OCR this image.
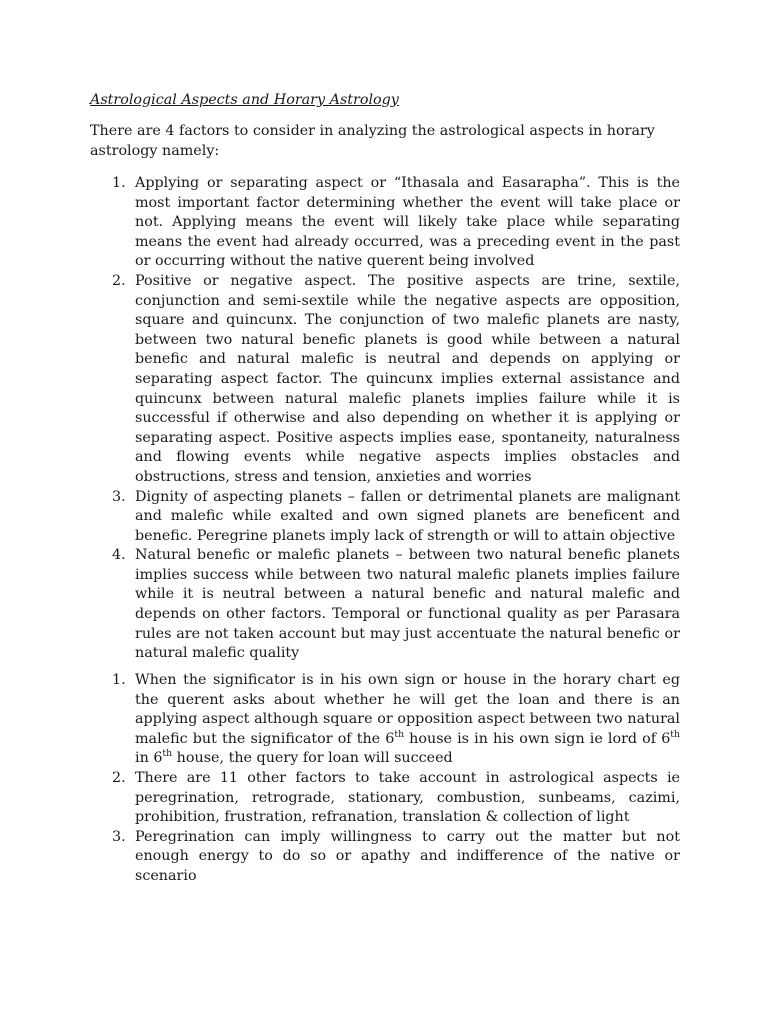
Astrological Aspects and Horary Astrology

There are 4 factors to consider in analyzing the astrological aspects in horary astrology namely:

1. Applying or separating aspect or “Ithasala and Easarapha”. This is the most important factor determining whether the event will take place or not. Applying means the event will likely take place while separating means the event had already occurred, was a preceding event in the past or occurring without the native querent being involved
2. Positive or negative aspect. The positive aspects are trine, sextile, conjunction and semi-sextile while the negative aspects are opposition, square and quincunx. The conjunction of two malefic planets are nasty, between two natural benefic planets is good while between a natural benefic and natural malefic is neutral and depends on applying or separating aspect factor. The quincunx implies external assistance and quincunx between natural malefic planets implies failure while it is successful if otherwise and also depending on whether it is applying or separating aspect. Positive aspects implies ease, spontaneity, naturalness and flowing events while negative aspects implies obstacles and obstructions, stress and tension, anxieties and worries
3. Dignity of aspecting planets – fallen or detrimental planets are malignant and malefic while exalted and own signed planets are beneficent and benefic. Peregrine planets imply lack of strength or will to attain objective
4. Natural benefic or malefic planets – between two natural benefic planets implies success while between two natural malefic planets implies failure while it is neutral between a natural benefic and natural malefic and depends on other factors. Temporal or functional quality as per Parasara rules are not taken account but may just accentuate the natural benefic or natural malefic quality
1. When the significator is in his own sign or house in the horary chart eg the querent asks about whether he will get the loan and there is an applying aspect although square or opposition aspect between two natural malefic but the significator of the 6th house is in his own sign ie lord of 6th in 6th house, the query for loan will succeed
2. There are 11 other factors to take account in astrological aspects ie peregrination, retrograde, stationary, combustion, sunbeams, cazimi, prohibition, frustration, refranation, translation & collection of light
3. Peregrination can imply willingness to carry out the matter but not enough energy to do so or apathy and indifference of the native or scenario
